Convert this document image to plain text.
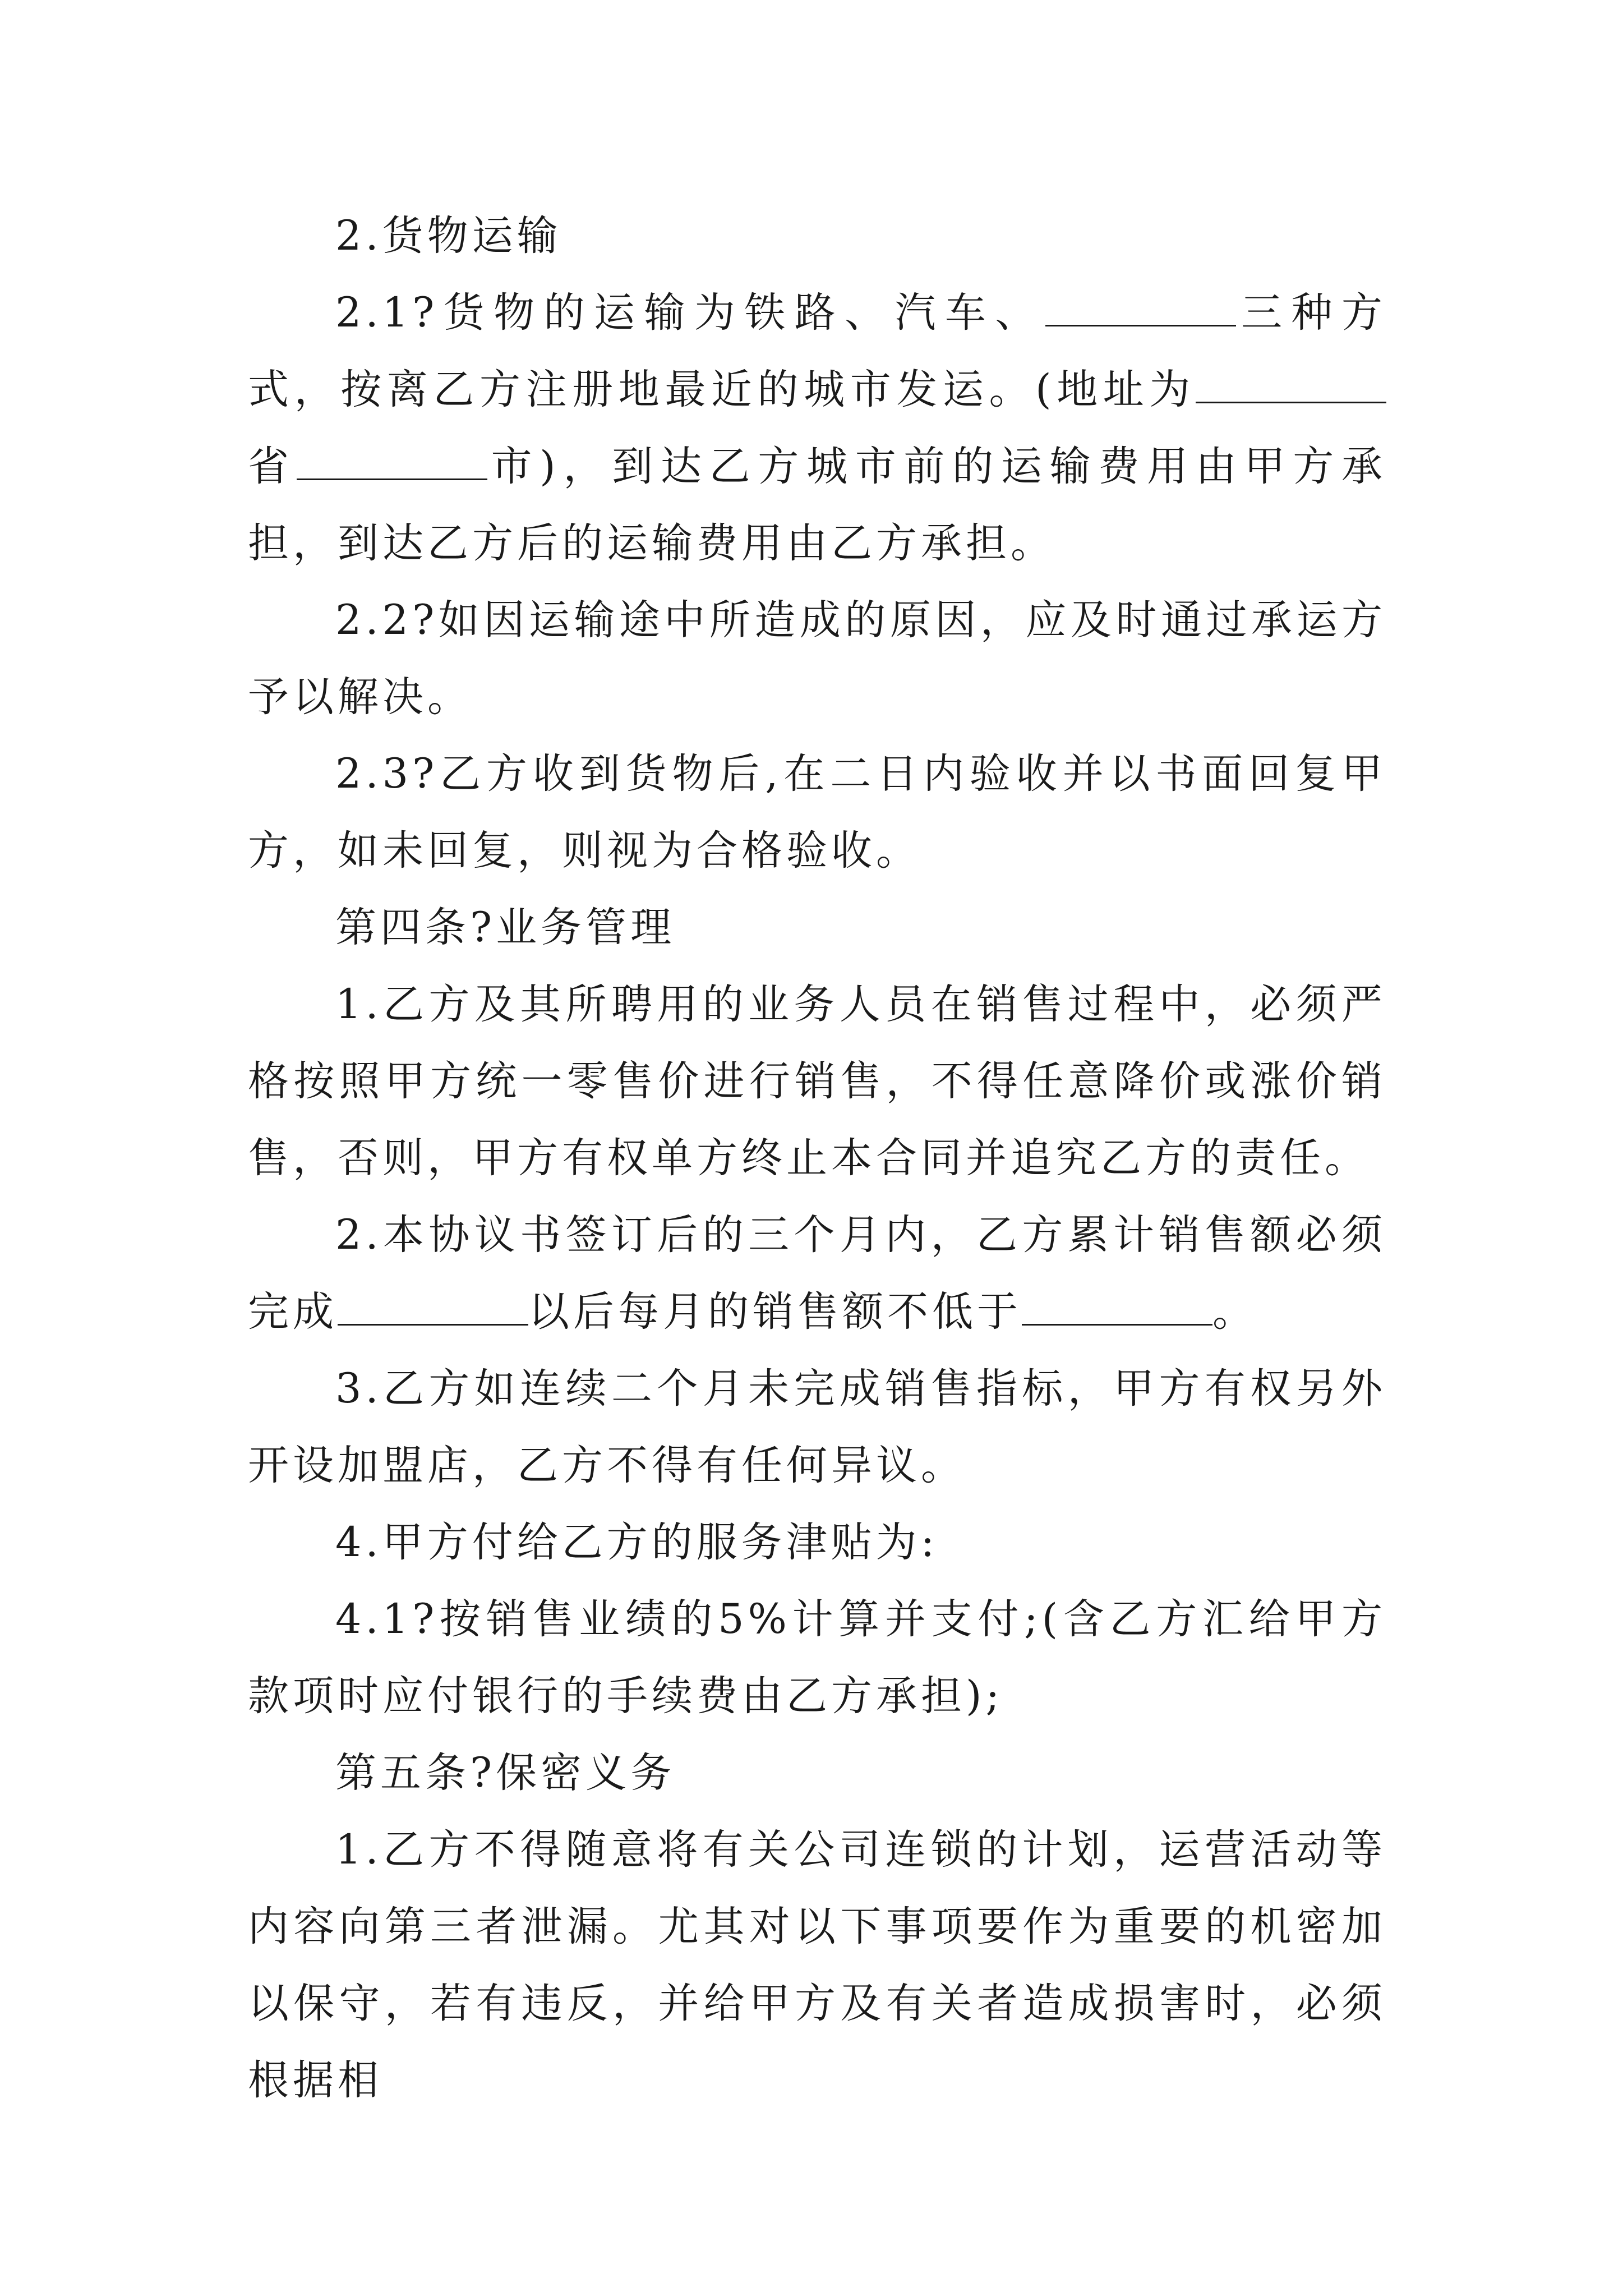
2.货物运输

2.1?货物的运输为铁路、汽车、	三种方式，按离乙方注册地最近的城市发运。(地址为省	市)，到达乙方城市前的运输费用由甲方承担，到达乙方后的运输费用由乙方承担。

2.2?如因运输途中所造成的原因，应及时通过承运方予以解决。

2.3?乙方收到货物后,在二日内验收并以书面回复甲方，如未回复，则视为合格验收。

第四条?业务管理

1.乙方及其所聘用的业务人员在销售过程中，必须严格按照甲方统一零售价进行销售，不得任意降价或涨价销售，否则，甲方有权单方终止本合同并追究乙方的责任。

2.本协议书签订后的三个月内，乙方累计销售额必须完成	以后每月的销售额不低于	。

3.乙方如连续二个月未完成销售指标，甲方有权另外开设加盟店，乙方不得有任何异议。

4.甲方付给乙方的服务津贴为:

4.1?按销售业绩的5%计算并支付;(含乙方汇给甲方款项时应付银行的手续费由乙方承担);

第五条?保密义务

1.乙方不得随意将有关公司连锁的计划，运营活动等内容向第三者泄漏。尤其对以下事项要作为重要的机密加以保守，若有违反，并给甲方及有关者造成损害时，必须根据相
